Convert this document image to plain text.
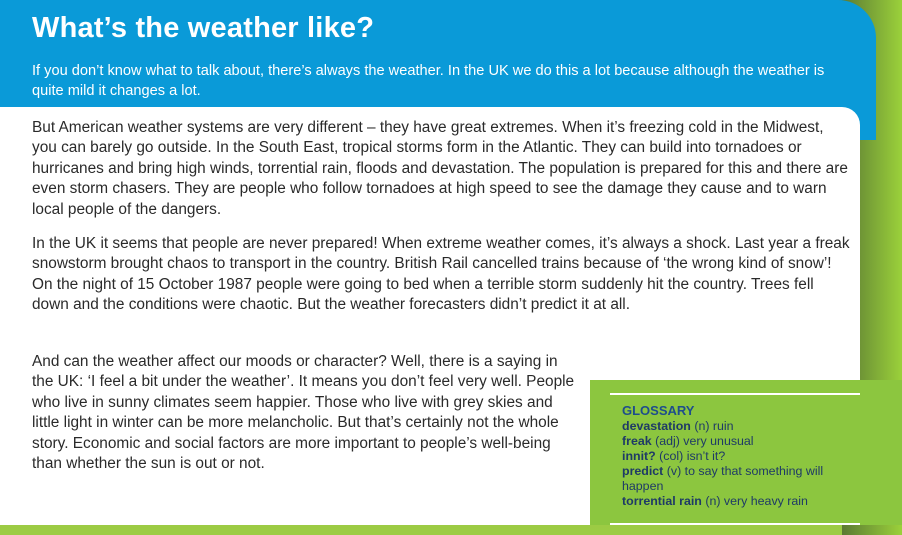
What’s the weather like?

If you don’t know what to talk about, there’s always the weather. In the UK we do this a lot because although the weather is quite mild it changes a lot.

But American weather systems are very different – they have great extremes. When it’s freezing cold in the Midwest, you can barely go outside. In the South East, tropical storms form in the Atlantic. They can build into tornadoes or hurricanes and bring high winds, torrential rain, floods and devastation. The population is prepared for this and there are even storm chasers. They are people who follow tornadoes at high speed to see the damage they cause and to warn local people of the dangers.

In the UK it seems that people are never prepared! When extreme weather comes, it’s always a shock. Last year a freak snowstorm brought chaos to transport in the country. British Rail cancelled trains because of ‘the wrong kind of snow’! On the night of 15 October 1987 people were going to bed when a terrible storm suddenly hit the country. Trees fell down and the conditions were chaotic. But the weather forecasters didn’t predict it at all.

And can the weather affect our moods or character? Well, there is a saying in the UK: ‘I feel a bit under the weather’. It means you don’t feel very well. People who live in sunny climates seem happier. Those who live with grey skies and little light in winter can be more melancholic. But that’s certainly not the whole story. Economic and social factors are more important to people’s well-being than whether the sun is out or not.

GLOSSARY
devastation (n) ruin
freak (adj) very unusual
innit? (col) isn’t it?
predict (v) to say that something will happen
torrential rain (n) very heavy rain
